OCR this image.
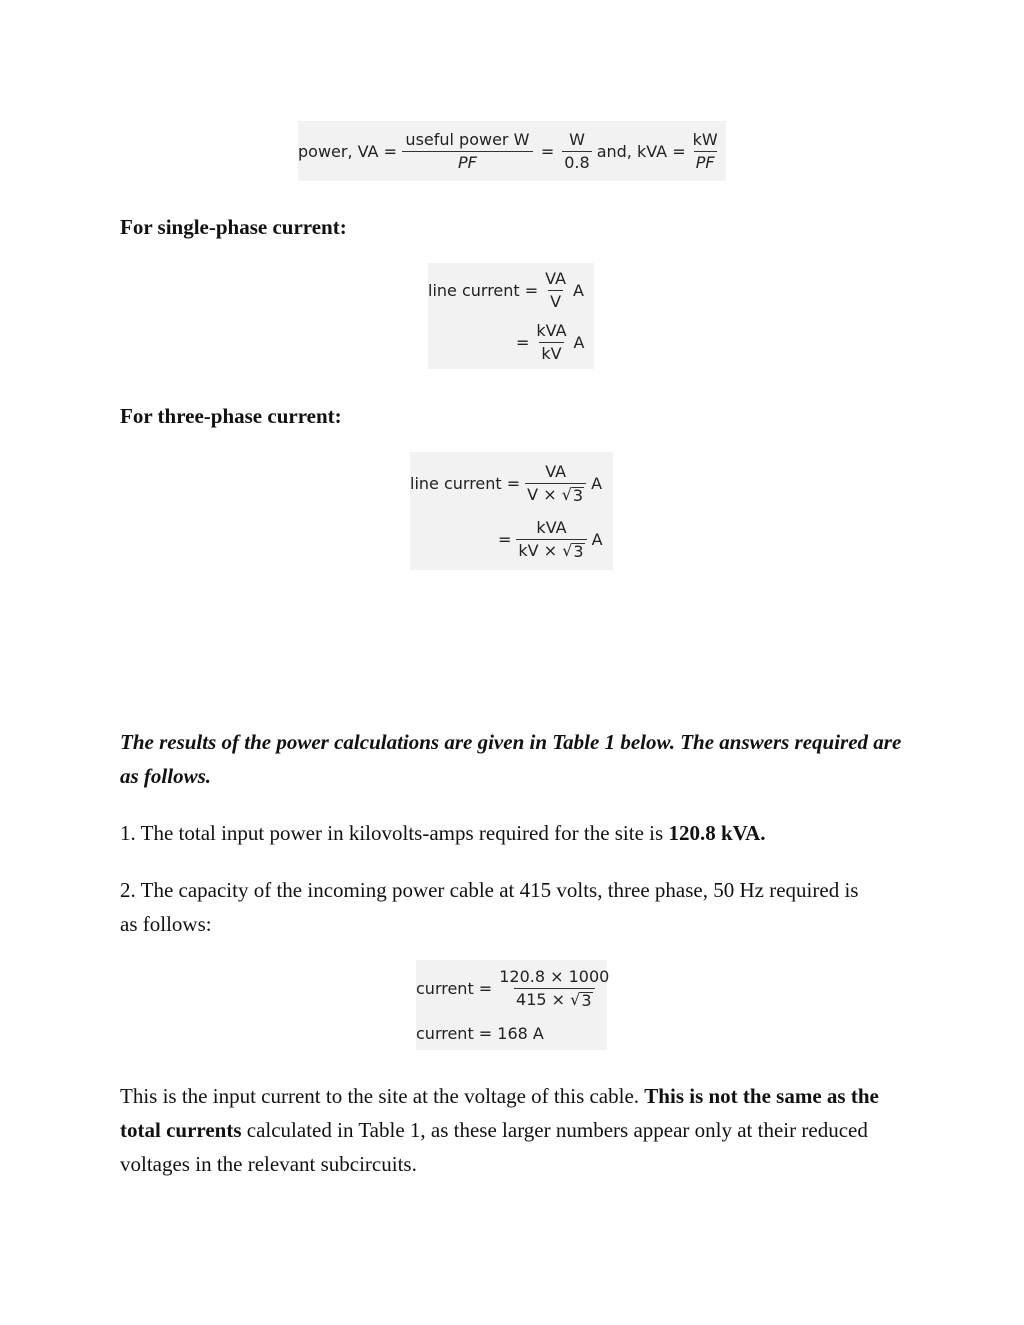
power, VA = $\frac{\text{useful power W}}{PF} = \frac{W}{0.8}$ and, kVA = $\frac{kW}{PF}$
For single-phase current:
line current = $\frac{VA}{V}$ A
= $\frac{\text{kVA}}{kV}$ A
For three-phase current:
line current = $\frac{VA}{V \times √ 3}$ A
= $\frac{\text{kVA}}{kV \times √ 3}$ A
The results of the power calculations are given in Table 1 below. The answers required are as follows.
1. The total input power in kilovolts-amps required for the site is 120.8 kVA.
2. The capacity of the incoming power cable at 415 volts, three phase, 50 Hz required is as follows:
current = $\frac{120.8 \times 1000}{415 \times √ 3}$
current = 168 A
This is the input current to the site at the voltage of this cable. This is not the same as the total currents calculated in Table 1, as these larger numbers appear only at their reduced voltages in the relevant subcircuits.
